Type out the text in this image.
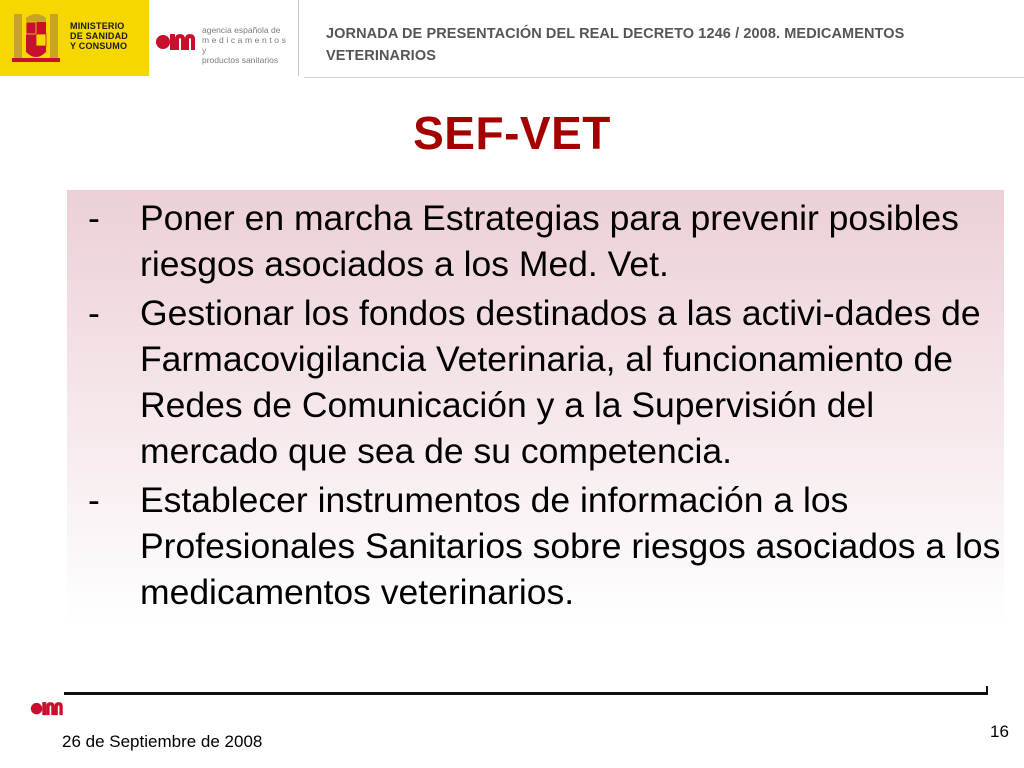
MINISTERIO
DE SANIDAD
Y CONSUMO
agencia española de
medicamentos y
productos sanitarios
JORNADA DE PRESENTACIÓN DEL REAL DECRETO 1246 / 2008. MEDICAMENTOS VETERINARIOS
SEF-VET
-	Poner en marcha Estrategias para prevenir posibles riesgos asociados a los Med. Vet.
-	Gestionar los fondos destinados a las activi-dades de Farmacovigilancia Veterinaria, al funcionamiento de Redes de Comunicación y a la Supervisión del mercado que sea de su competencia.
-	Establecer instrumentos de información a los Profesionales Sanitarios sobre riesgos asociados a los medicamentos veterinarios.
26 de Septiembre de 2008
16
